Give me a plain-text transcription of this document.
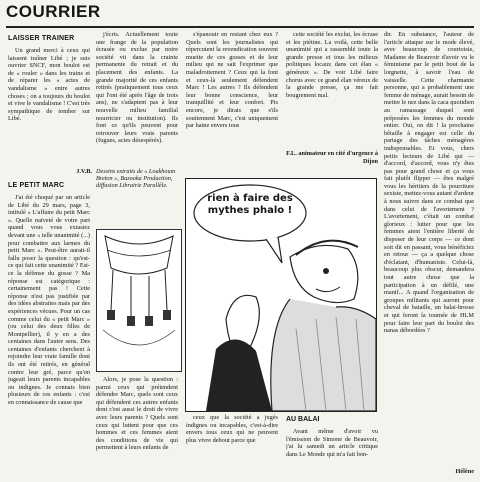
COURRIER
LAISSER TRAINER

Un grand merci à ceux qui laissent traîner Libé ; je suis ouvrier SNCF, mon boulot est de « rouler » dans les trains et de réparer les « actes de vandalisme » entre autres choses ; on a toujours du boulot et vive le vandalisme ! C'est très sympathique de tomber sur Libé.

J.V.B.
LE PETIT MARC

J'ai été choqué par un article de Libé du 29 mars, page 3, intitulé « L'affaire du petit Marc ». Quelle naïveté de votre part quand vous vous extasiez devant une « telle unanimité (...) pour combattre aux larmes du petit Marc ». Peut-être aurait-il fallu poser la question : qu'est-ce qui fait cette unanimité ? Est-ce la défense du gosse ? Ma réponse est catégorique : certainement pas ! Cette réponse n'est pas justifiée par des idées abstraites mais par des expériences vécues. Pour un cas comme celui du « petit Marc » (ou celui des deux filles de Montpellier), il y en a des centaines dans l'autre sens. Des centaines d'enfants cherchent à rejoindre leur vraie famille dont ils ont été retirés, en général contre leur gré, parce qu'on jugeait leurs parents incapables ou indignes. Je connais bien plusieurs de ces enfants : c'est en connaissance de cause que

j'écris. Actuellement toute une frange de la population écrasée ou exclue par notre société vit dans la crainte permanente du retrait et du placement des enfants. La grande majorité de ces enfants retirés (pratiquement tous ceux qui l'ont été après l'âge de trois ans), ne s'adaptent pas à leur nouvelle milieu familial nourricier ou institution). Ils font ce qu'ils peuvent pour retrouver leurs vrais parents (fugues, actes désespérés).

Dessins extraits de « Loukhoum Breton », Bazooka Production, diffusion Librairie Parallèle.

Alors, je pose la question : parmi ceux qui prétendent défendre Marc, quels sont ceux qui défendent ces autres enfants dont c'est aussi le droit de vivre avec leurs parents ? Quels sont ceux qui luttent pour que ces hommes et ces femmes aient des conditions de vie qui permettent à leurs enfants de

s'épanouir en restant chez eux ? Quels sont les journalistes qui répercutent la revendication souvent muette de ces gosses et de leur milieu qui ne sait l'exprimer que maladroitement ? Ceux qui la font et ceux-là seulement défendent Marc ! Les autres ? Ils défendent leur bonne conscience, leur tranquillité et leur confort. Pis encore, je dirais que s'ils soutiennent Marc, c'est uniquement par haine envers tous

cette société les exclut, les écrase et les piétine. La voilà, cette belle unanimité qui a rassemblé toute la grande presse et tous les milieux politiques locaux dans cet élan « généreux ». De voir Libé faire chorus avec ce grand élan véreux de la grande presse, ça me fait bougrement mal.

F.L. animateur en cité d'urgence à Dijon
rien à faire des mythes phalo !

ceux que la société a jugés indignes ou incapables, c'est-à-dire envers tous ceux qui ne peuvent plus vivre debout parce que

AU BALAI

Avant même d'avoir vu l'émission de Simone de Beauvoir, j'ai lu samedi un article critique dans Le Monde qui m'a fait bon-

dir. En substance, l'auteur de l'article attaque sur le mode élevé, avec beaucoup de courtoisie, Madame de Beauvoir d'avoir vu le féminisme par le petit bout de la lorgnette, à savoir l'eau de vaisselle. Cette charmante personne, qui a probablement une femme de ménage, aurait besoin de mettre le nez dans la caca quotidien au ramassage duquel sont préposées les femmes du monde entier. Oui, on dit ! la prochaine bêtaille à engager est celle du partage des tâches ménagères indispensables. Et vous, chers petits lecteurs de Libé qui — d'accord, d'accord, vous n'y êtes pas pour grand chose et ça vous fait plutôt flipper — êtes malgré vous les héritiers de la pourriture sexiste, mettez-vous autant d'ardeur à nous suivre dans ce combat que dans celui de l'avortement ? L'avortement, c'était un combat glorieux : lutter pour que les femmes aient l'entière liberté de disposer de leur corps — ce dont soit dit en passant, vous bénéficiez en retour — ça a quelque chose d'éclatant, d'humaniste. Celui-là, beaucoup plus obscur, demandera tout autre chose que la participation à un défilé, une manif... A quand l'organisation de groupes militants qui auront pour cheval de bataille, un balai-brosse et qui feront la tournée de HLM pour faire leur part du boulot des nanas débordées ?

Hélène
